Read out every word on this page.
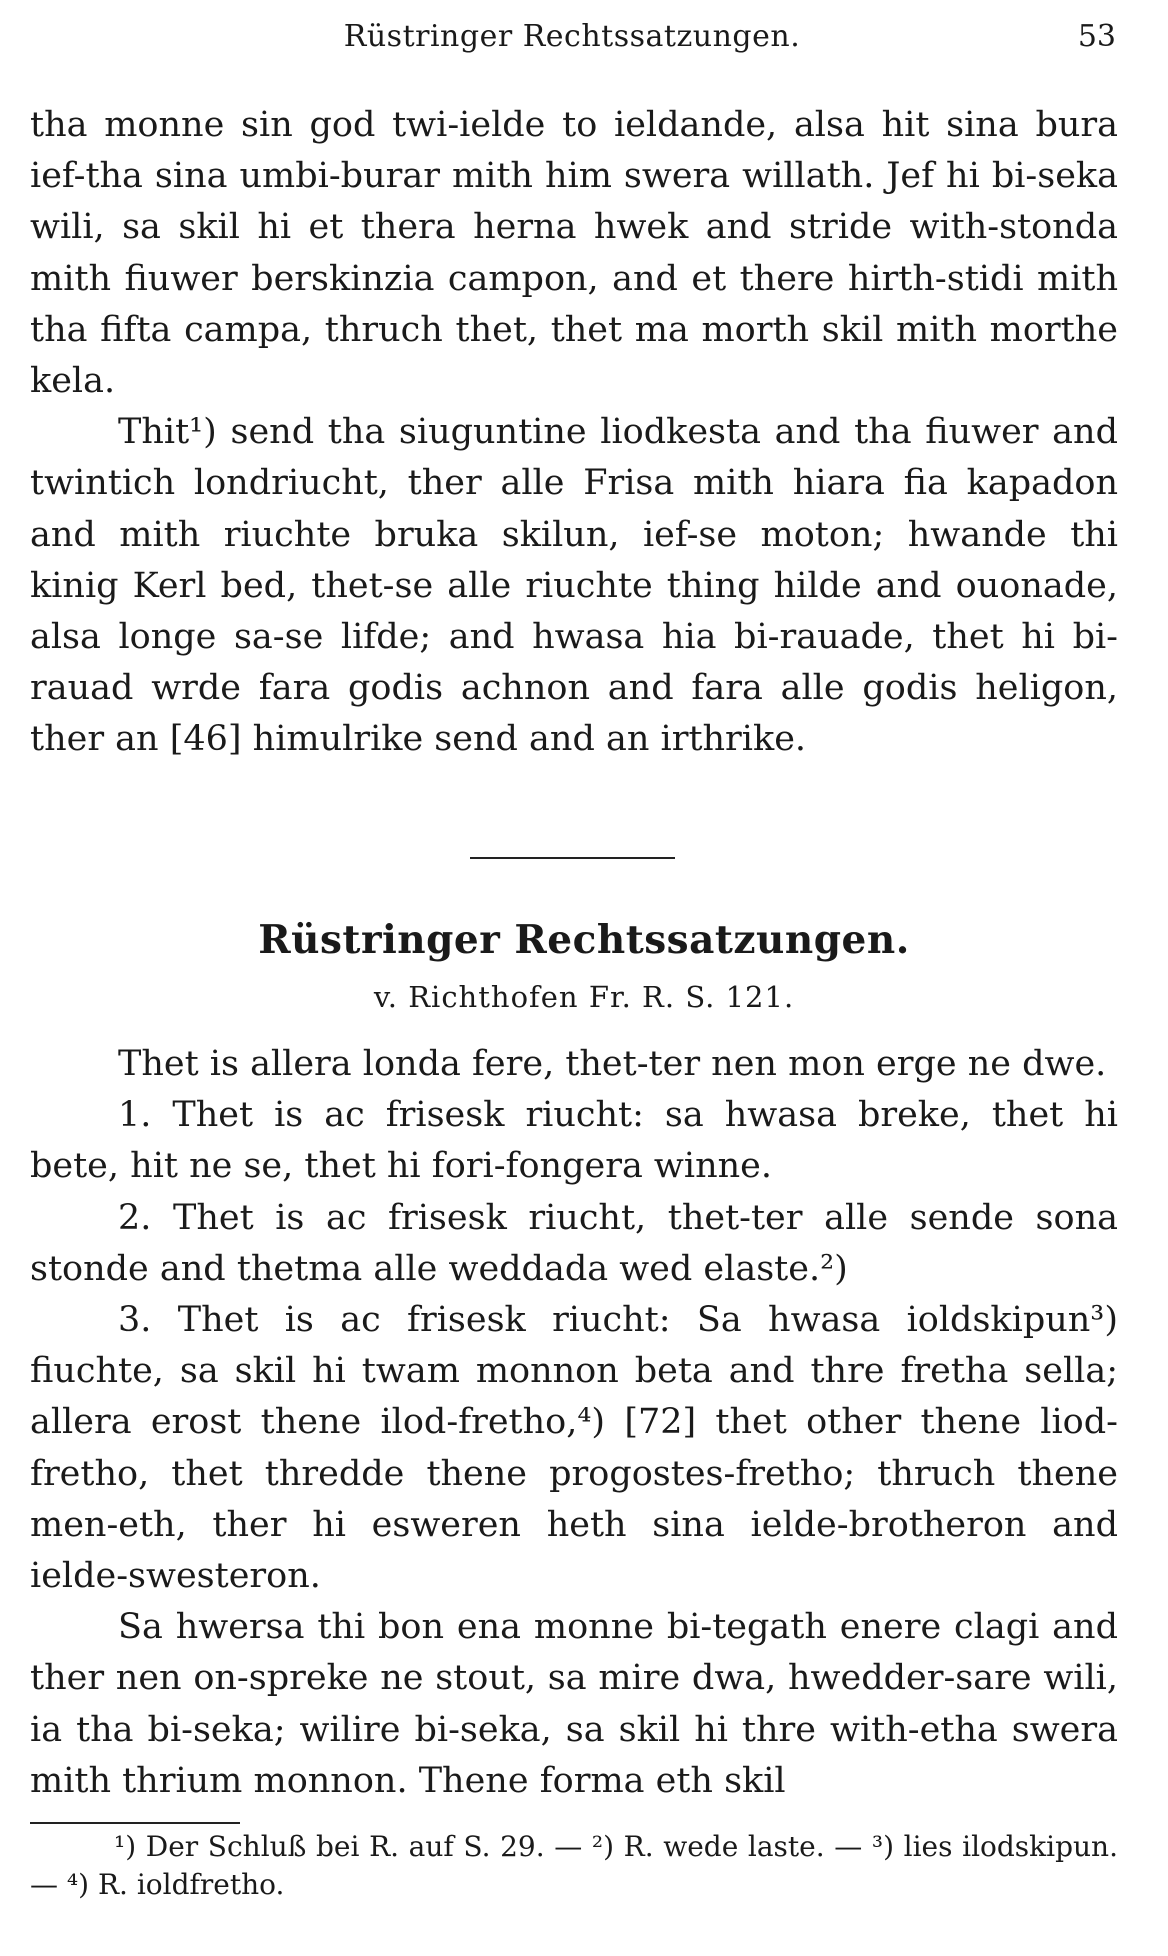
Rüstringer Rechtssatzungen.	53

tha monne sin god twi-ielde to ieldande, alsa hit sina bura ief-tha sina umbi-burar mith him swera willath. Jef hi bi-seka wili, sa skil hi et thera herna hwek and stride with-stonda mith fiuwer berskinzia campon, and et there hirth-stidi mith tha fifta campa, thruch thet, thet ma morth skil mith morthe kela.

Thit¹) send tha siuguntine liodkesta and tha fiuwer and twintich londriucht, ther alle Frisa mith hiara fia kapadon and mith riuchte bruka skilun, ief-se moton; hwande thi kinig Kerl bed, thet-se alle riuchte thing hilde and ouonade, alsa longe sa-se lifde; and hwasa hia bi-rauade, thet hi bi-rauad wrde fara godis achnon and fara alle godis heligon, ther an [46] himulrike send and an irthrike.

Rüstringer Rechtssatzungen.
v. Richthofen Fr. R. S. 121.

Thet is allera londa fere, thet-ter nen mon erge ne dwe.

1. Thet is ac frisesk riucht: sa hwasa breke, thet hi bete, hit ne se, thet hi fori-fongera winne.

2. Thet is ac frisesk riucht, thet-ter alle sende sona stonde and thetma alle weddada wed elaste.²)

3. Thet is ac frisesk riucht: Sa hwasa ioldskipun³) fiuchte, sa skil hi twam monnon beta and thre fretha sella; allera erost thene ilod-fretho,⁴) [72] thet other thene liod-fretho, thet thredde thene progostes-fretho; thruch thene men-eth, ther hi esweren heth sina ielde-brotheron and ielde-swesteron.

Sa hwersa thi bon ena monne bi-tegath enere clagi and ther nen on-spreke ne stout, sa mire dwa, hwedder-sare wili, ia tha bi-seka; wilire bi-seka, sa skil hi thre with-etha swera mith thrium monnon. Thene forma eth skil

¹) Der Schluß bei R. auf S. 29. — ²) R. wede laste. — ³) lies ilodskipun. — ⁴) R. ioldfretho.
